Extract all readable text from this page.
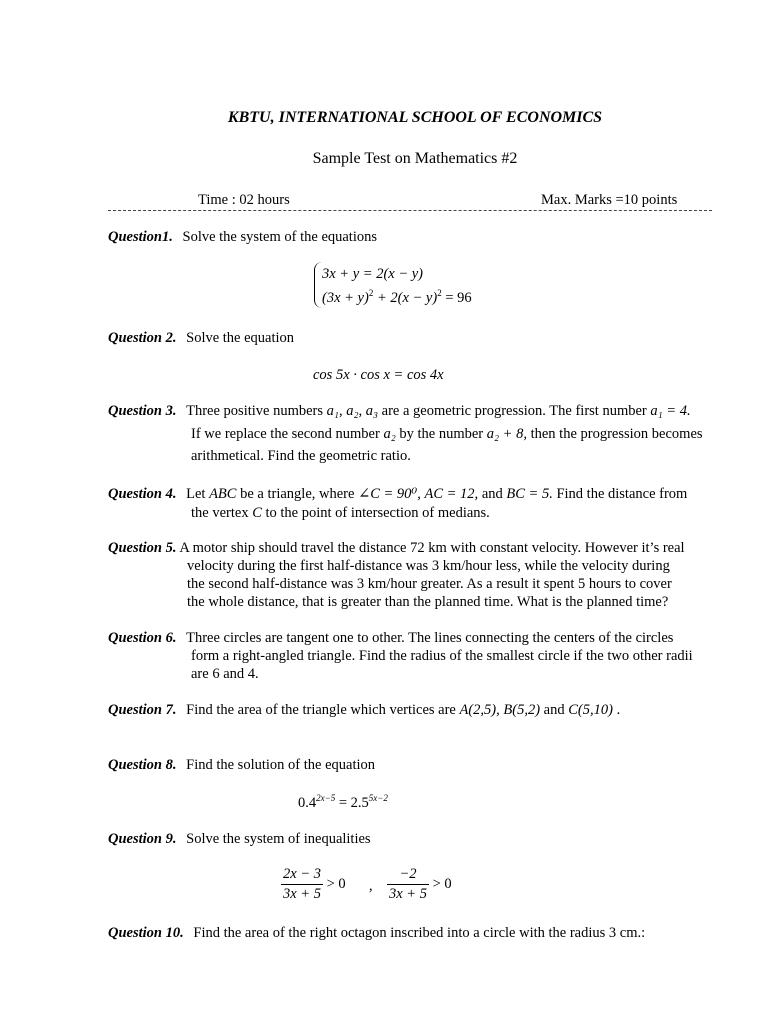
KBTU, INTERNATIONAL SCHOOL OF ECONOMICS
Sample Test on Mathematics #2
Time : 02 hours	Max. Marks =10 points
Question1. Solve the system of the equations
3x + y = 2(x − y)
$(3x + y)^2 + 2(x - y)^2 = 96$
Question 2. Solve the equation
cos 5x · cos x = cos 4x
Question 3. Three positive numbers a₁, a₂, a₃ are a geometric progression. The first number a₁ = 4.
If we replace the second number a₂ by the number a₂ + 8, then the progression becomes
arithmetical. Find the geometric ratio.
Question 4. Let ABC be a triangle, where ∠C = 90⁰, AC = 12, and BC = 5. Find the distance from
the vertex C to the point of intersection of medians.
Question 5. A motor ship should travel the distance 72 km with constant velocity. However it’s real
velocity during the first half-distance was 3 km/hour less, while the velocity during
the second half-distance was 3 km/hour greater. As a result it spent 5 hours to cover
the whole distance, that is greater than the planned time. What is the planned time?
Question 6. Three circles are tangent one to other. The lines connecting the centers of the circles
form a right-angled triangle. Find the radius of the smallest circle if the two other radii
are 6 and 4.
Question 7. Find the area of the triangle which vertices are A(2,5), B(5,2) and C(5,10) .
Question 8. Find the solution of the equation
$0.4^{2x-5} = 2.5^{5x-2}$
Question 9. Solve the system of inequalities
$\frac{2x - 3}{3x + 5} > 0$ , $\frac{-2}{3x + 5} > 0$
Question 10. Find the area of the right octagon inscribed into a circle with the radius 3 cm.:
